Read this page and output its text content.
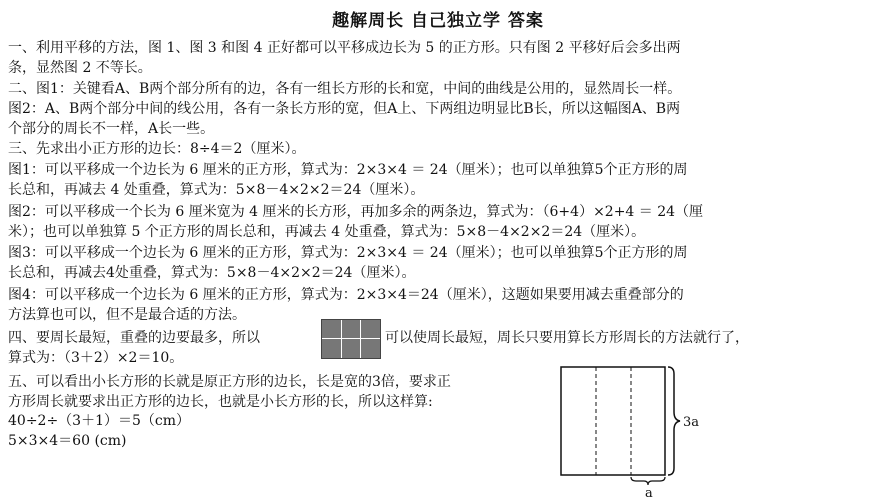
趣解周长 自己独立学 答案
一、利用平移的方法，图 1、图 3 和图 4 正好都可以平移成边长为 5 的正方形。只有图 2 平移好后会多出两
条，显然图 2 不等长。
二、图1：关键看A、B两个部分所有的边，各有一组长方形的长和宽，中间的曲线是公用的，显然周长一样。
图2：A、B两个部分中间的线公用，各有一条长方形的宽，但A上、下两组边明显比B长，所以这幅图A、B两
个部分的周长不一样，A长一些。
三、先求出小正方形的边长：8÷4＝2（厘米）。
图1：可以平移成一个边长为 6 厘米的正方形，算式为：2×3×4 ＝ 24（厘米）；也可以单独算5个正方形的周
长总和，再减去 4 处重叠，算式为：5×8－4×2×2＝24（厘米）。
图2：可以平移成一个长为 6 厘米宽为 4 厘米的长方形，再加多余的两条边，算式为：（6+4）×2+4 ＝ 24（厘
米）；也可以单独算 5 个正方形的周长总和，再减去 4 处重叠，算式为：5×8－4×2×2＝24（厘米）。
图3：可以平移成一个边长为 6 厘米的正方形，算式为：2×3×4 ＝ 24（厘米）；也可以单独算5个正方形的周
长总和，再减去4处重叠，算式为：5×8－4×2×2＝24（厘米）。
图4：可以平移成一个边长为 6 厘米的正方形，算式为：2×3×4＝24（厘米），这题如果要用减去重叠部分的
方法算也可以，但不是最合适的方法。
四、要周长最短，重叠的边要最多，所以	可以使周长最短，周长只要用算长方形周长的方法就行了，
算式为：（3＋2）×2＝10。
五、可以看出小长方形的长就是原正方形的边长，长是宽的3倍，要求正
方形周长就要求出正方形的边长，也就是小长方形的长，所以这样算:
40÷2÷（3＋1）＝5（cm）
5×3×4＝60 (cm)
3a
a
